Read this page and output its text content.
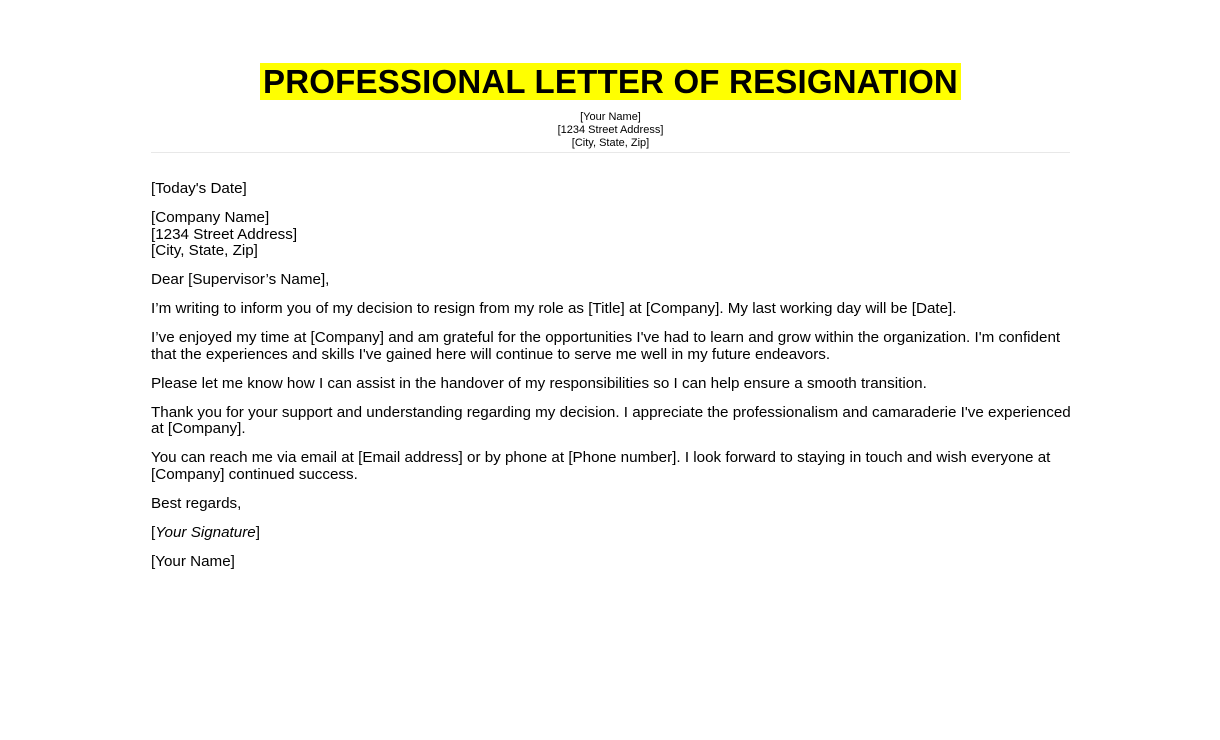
PROFESSIONAL LETTER OF RESIGNATION
[Your Name]
[1234 Street Address]
[City, State, Zip]
[Today's Date]
[Company Name]
[1234 Street Address]
[City, State, Zip]

Dear [Supervisor’s Name],

I’m writing to inform you of my decision to resign from my role as [Title] at [Company]. My last working day will be [Date].

I’ve enjoyed my time at [Company] and am grateful for the opportunities I've had to learn and grow within the organization. I'm confident that the experiences and skills I've gained here will continue to serve me well in my future endeavors.

Please let me know how I can assist in the handover of my responsibilities so I can help ensure a smooth transition.

Thank you for your support and understanding regarding my decision. I appreciate the professionalism and camaraderie I've experienced at [Company].

You can reach me via email at [Email address] or by phone at [Phone number]. I look forward to staying in touch and wish everyone at [Company] continued success.

Best regards,

[Your Signature]

[Your Name]
